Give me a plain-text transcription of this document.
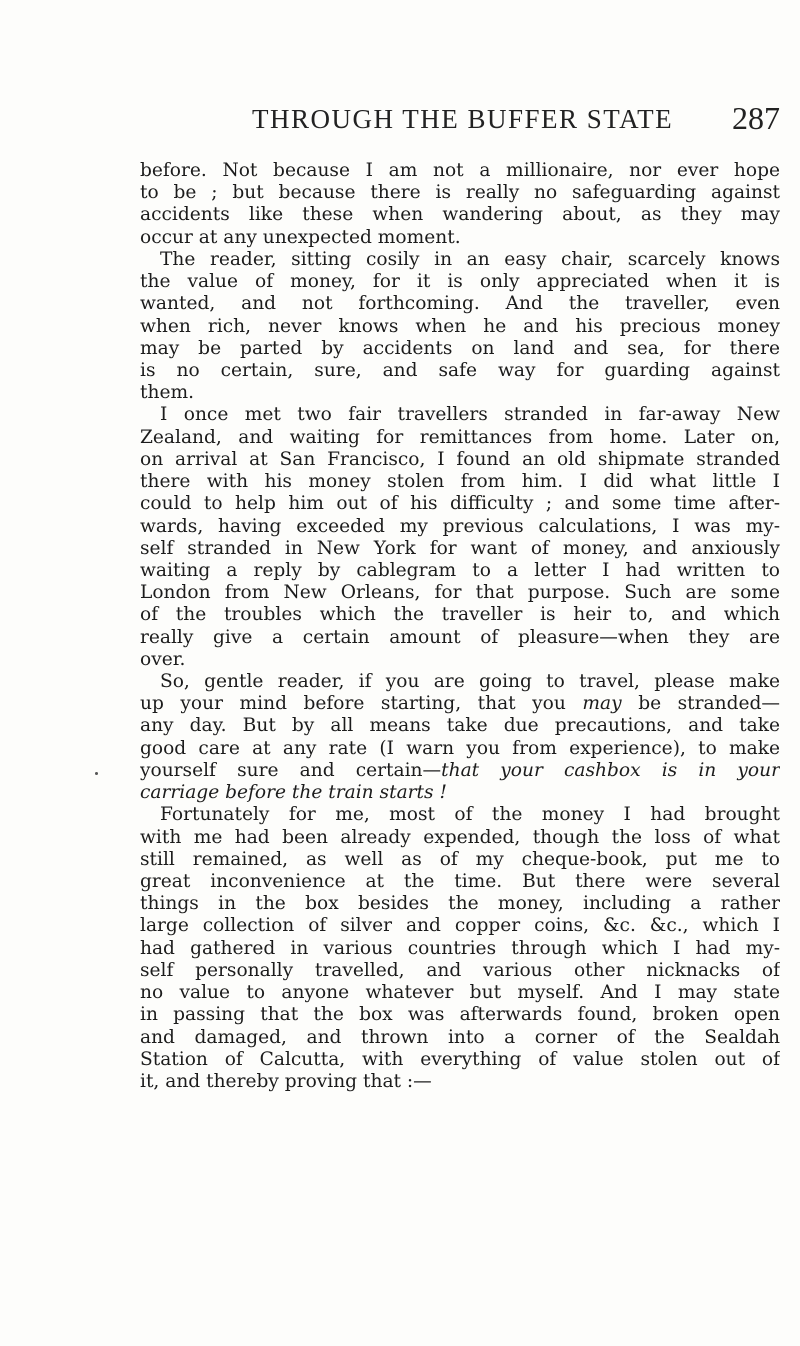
THROUGH THE BUFFER STATE 287
before. Not because I am not a millionaire, nor ever hope
to be ; but because there is really no safeguarding against
accidents like these when wandering about, as they may
occur at any unexpected moment.
The reader, sitting cosily in an easy chair, scarcely knows
the value of money, for it is only appreciated when it is
wanted, and not forthcoming. And the traveller, even
when rich, never knows when he and his precious money
may be parted by accidents on land and sea, for there
is no certain, sure, and safe way for guarding against
them.
I once met two fair travellers stranded in far-away New
Zealand, and waiting for remittances from home. Later on,
on arrival at San Francisco, I found an old shipmate stranded
there with his money stolen from him. I did what little I
could to help him out of his difficulty ; and some time after-
wards, having exceeded my previous calculations, I was my-
self stranded in New York for want of money, and anxiously
waiting a reply by cablegram to a letter I had written to
London from New Orleans, for that purpose. Such are some
of the troubles which the traveller is heir to, and which
really give a certain amount of pleasure—when they are
over.
So, gentle reader, if you are going to travel, please make
up your mind before starting, that you may be stranded—
any day. But by all means take due precautions, and take
good care at any rate (I warn you from experience), to make
yourself sure and certain—that your cashbox is in your
carriage before the train starts !
Fortunately for me, most of the money I had brought
with me had been already expended, though the loss of what
still remained, as well as of my cheque-book, put me to
great inconvenience at the time. But there were several
things in the box besides the money, including a rather
large collection of silver and copper coins, &c. &c., which I
had gathered in various countries through which I had my-
self personally travelled, and various other nicknacks of
no value to anyone whatever but myself. And I may state
in passing that the box was afterwards found, broken open
and damaged, and thrown into a corner of the Sealdah
Station of Calcutta, with everything of value stolen out of
it, and thereby proving that :—
